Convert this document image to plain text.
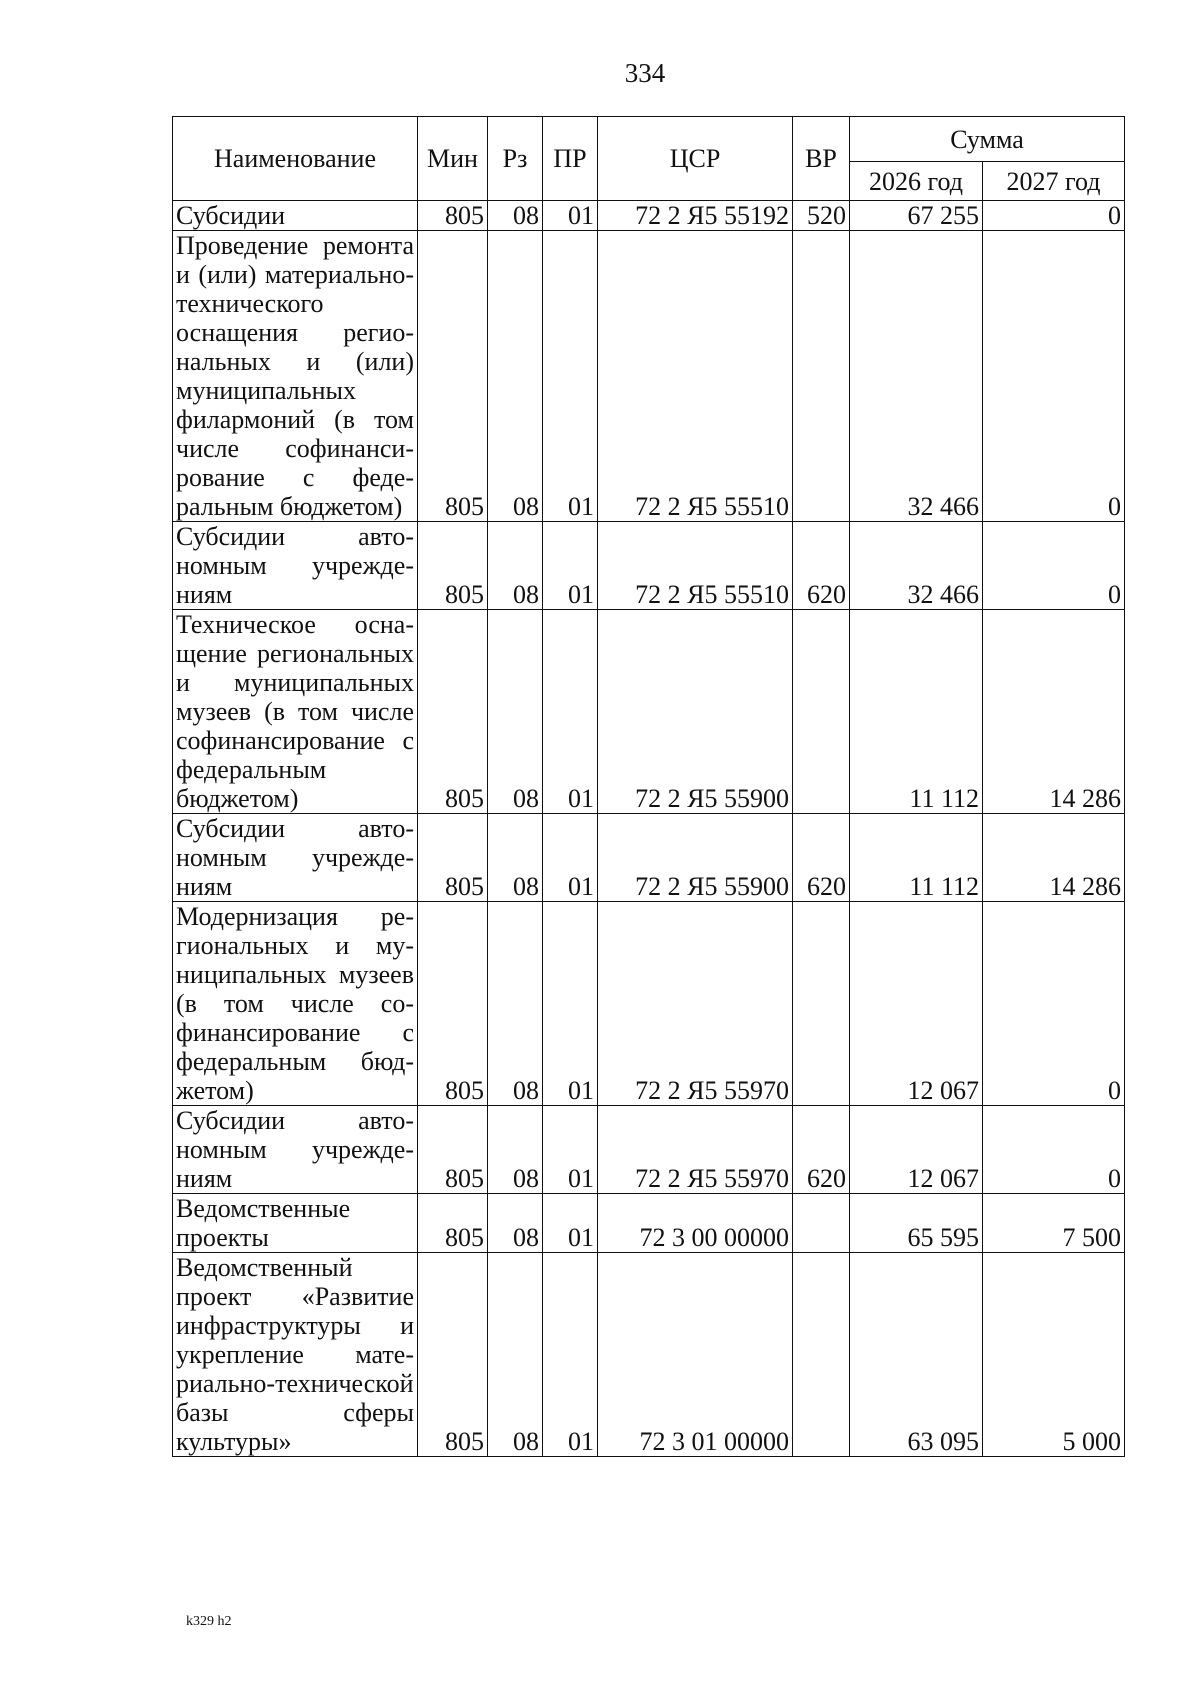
334
Наименование	Мин	Рз	ПР	ЦСР	ВР	Сумма	
						2026 год	2027 год
Субсидии	805	08	01	72 2 Я5 55192	520	67 255	0
Проведение ремонта и (или) материально-технического оснащения региональных и (или) муниципальных филармоний (в том числе софинансирование с федеральным бюджетом)	805	08	01	72 2 Я5 55510		32 466	0
Субсидии автономным учреждениям	805	08	01	72 2 Я5 55510	620	32 466	0
Техническое оснащение региональных и муниципальных музеев (в том числе софинансирование с федеральным бюджетом)	805	08	01	72 2 Я5 55900		11 112	14 286
Субсидии автономным учреждениям	805	08	01	72 2 Я5 55900	620	11 112	14 286
Модернизация региональных и муниципальных музеев (в том числе софинансирование с федеральным бюджетом)	805	08	01	72 2 Я5 55970		12 067	0
Субсидии автономным учреждениям	805	08	01	72 2 Я5 55970	620	12 067	0
Ведомственные проекты	805	08	01	72 3 00 00000		65 595	7 500
Ведомственный проект «Развитие инфраструктуры и укрепление материально-технической базы сферы культуры»	805	08	01	72 3 01 00000		63 095	5 000
k329 h2
